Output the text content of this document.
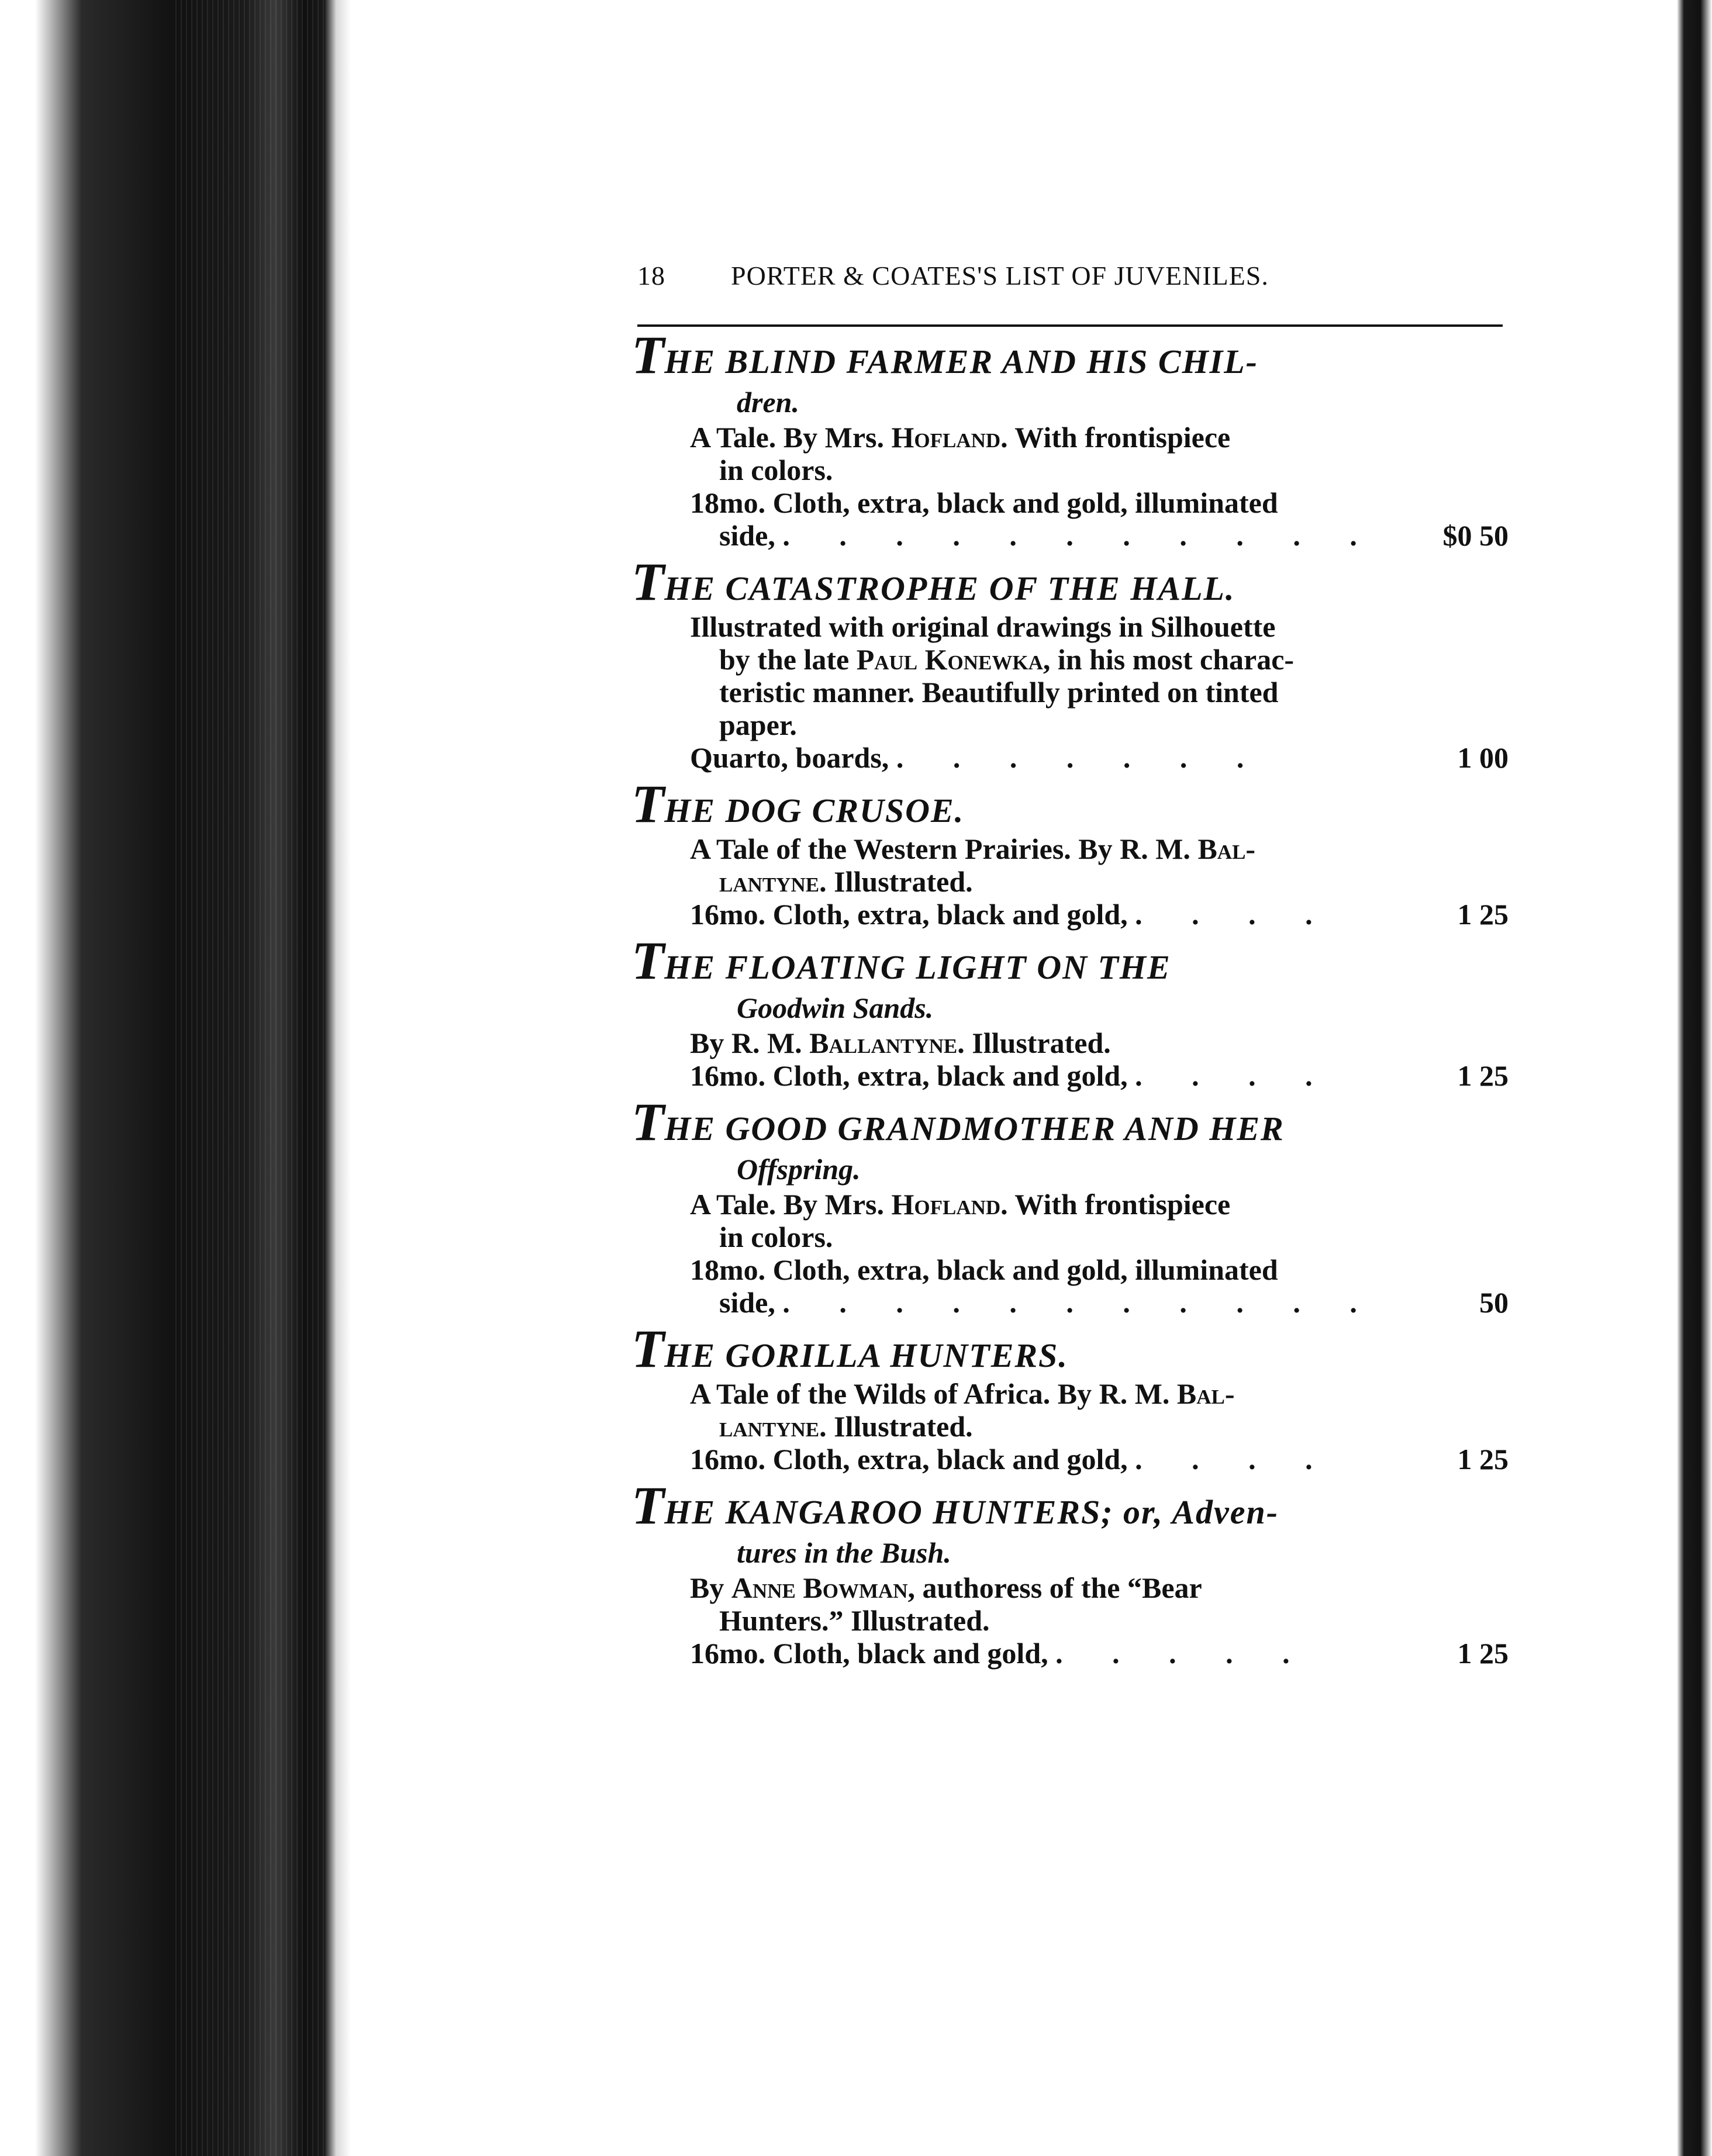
18	PORTER & COATES'S LIST OF JUVENILES.
THE BLIND FARMER AND HIS CHIL-
dren.
A Tale. By Mrs. Hofland. With frontispiece
in colors.
18mo. Cloth, extra, black and gold, illuminated
side, . . . . . . . . . . .	$0 50
THE CATASTROPHE OF THE HALL.
Illustrated with original drawings in Silhouette
by the late Paul Konewka, in his most charac-
teristic manner. Beautifully printed on tinted
paper.
Quarto, boards, . . . . . . .	1 00
THE DOG CRUSOE.
A Tale of the Western Prairies. By R. M. Bal-
lantyne. Illustrated.
16mo. Cloth, extra, black and gold, . . . .	1 25
THE FLOATING LIGHT ON THE
Goodwin Sands.
By R. M. Ballantyne. Illustrated.
16mo. Cloth, extra, black and gold, . . . .	1 25
THE GOOD GRANDMOTHER AND HER
Offspring.
A Tale. By Mrs. Hofland. With frontispiece
in colors.
18mo. Cloth, extra, black and gold, illuminated
side, . . . . . . . . . . .	50
THE GORILLA HUNTERS.
A Tale of the Wilds of Africa. By R. M. Bal-
lantyne. Illustrated.
16mo. Cloth, extra, black and gold, . . . .	1 25
THE KANGAROO HUNTERS; or, Adven-
tures in the Bush.
By Anne Bowman, authoress of the “Bear
Hunters.” Illustrated.
16mo. Cloth, black and gold, . . . . .	1 25
